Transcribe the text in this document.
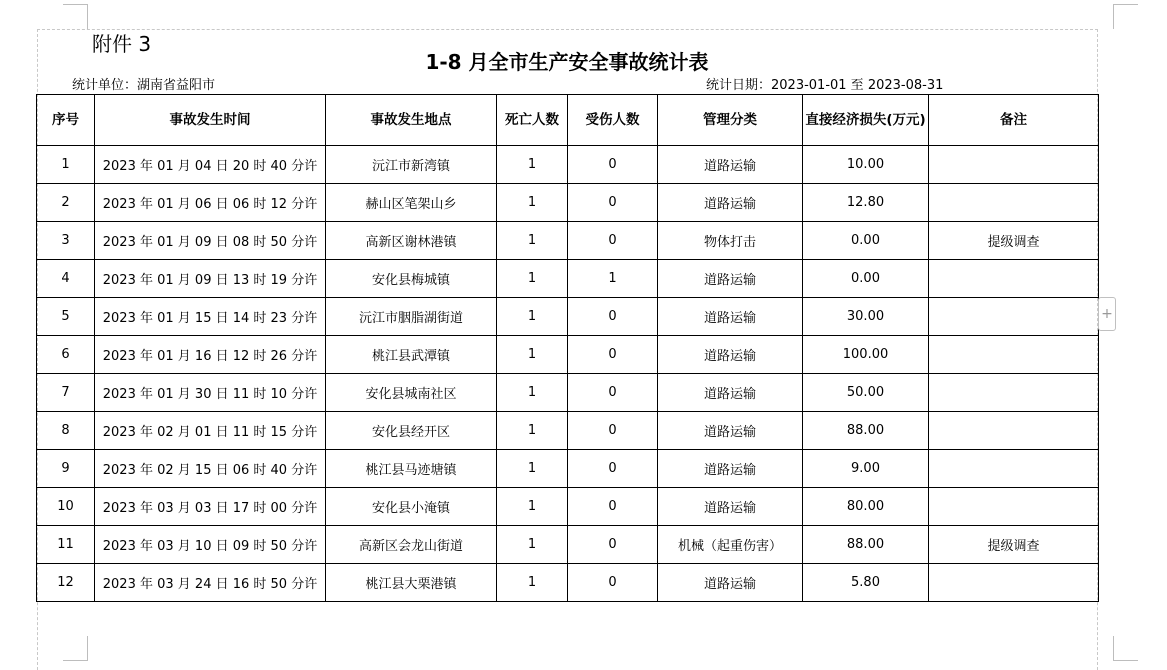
附件 3
1-8 月全市生产安全事故统计表
统计单位：湖南省益阳市	统计日期：2023-01-01 至 2023-08-31
序号	事故发生时间	事故发生地点	死亡人数	受伤人数	管理分类	直接经济损失(万元)	备注
1	2023 年 01 月 04 日 20 时 40 分许	沅江市新湾镇	1	0	道路运输	10.00	
2	2023 年 01 月 06 日 06 时 12 分许	赫山区笔架山乡	1	0	道路运输	12.80	
3	2023 年 01 月 09 日 08 时 50 分许	高新区谢林港镇	1	0	物体打击	0.00	提级调查
4	2023 年 01 月 09 日 13 时 19 分许	安化县梅城镇	1	1	道路运输	0.00	
5	2023 年 01 月 15 日 14 时 23 分许	沅江市胭脂湖街道	1	0	道路运输	30.00	
6	2023 年 01 月 16 日 12 时 26 分许	桃江县武潭镇	1	0	道路运输	100.00	
7	2023 年 01 月 30 日 11 时 10 分许	安化县城南社区	1	0	道路运输	50.00	
8	2023 年 02 月 01 日 11 时 15 分许	安化县经开区	1	0	道路运输	88.00	
9	2023 年 02 月 15 日 06 时 40 分许	桃江县马迹塘镇	1	0	道路运输	9.00	
10	2023 年 03 月 03 日 17 时 00 分许	安化县小淹镇	1	0	道路运输	80.00	
11	2023 年 03 月 10 日 09 时 50 分许	高新区会龙山街道	1	0	机械（起重伤害）	88.00	提级调查
12	2023 年 03 月 24 日 16 时 50 分许	桃江县大栗港镇	1	0	道路运输	5.80	
+
